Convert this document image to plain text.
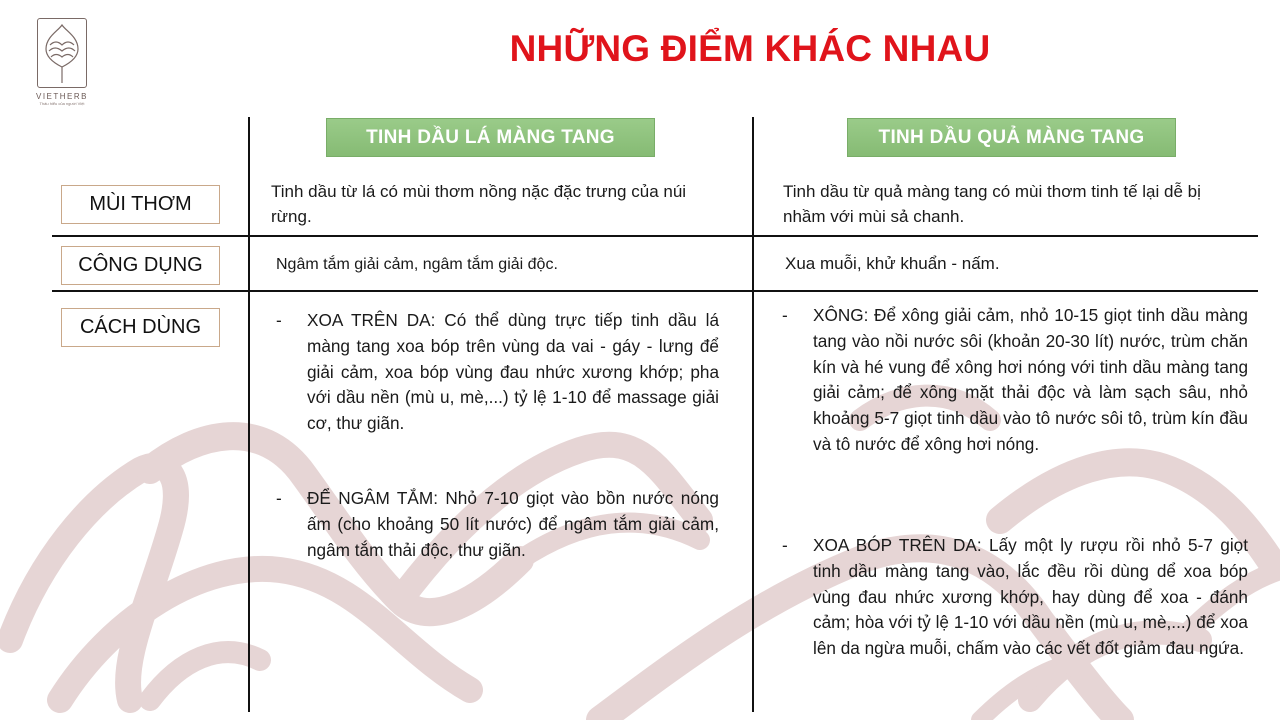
VIETHERB
Thấu hiểu của người Việt
NHỮNG ĐIỂM KHÁC NHAU
TINH DẦU LÁ MÀNG TANG	TINH DẦU QUẢ MÀNG TANG
MÙI THƠM
CÔNG DỤNG
CÁCH DÙNG
Tinh dầu từ lá có mùi thơm nồng nặc đặc trưng của núi rừng.
Tinh dầu từ quả màng tang có mùi thơm tinh tế lại dễ bị nhầm với mùi sả chanh.
Ngâm tắm giải cảm, ngâm tắm giải độc.	Xua muỗi, khử khuẩn - nấm.
- XOA TRÊN DA: Có thể dùng trực tiếp tinh dầu lá màng tang xoa bóp trên vùng da vai - gáy - lưng để giải cảm, xoa bóp vùng đau nhức xương khớp; pha với dầu nền (mù u, mè,...) tỷ lệ 1-10 để massage giải cơ, thư giãn.
- ĐỂ NGÂM TẮM: Nhỏ 7-10 giọt vào bồn nước nóng ấm (cho khoảng 50 lít nước) để ngâm tắm giải cảm, ngâm tắm thải độc, thư giãn.
- XÔNG: Để xông giải cảm, nhỏ 10-15 giọt tinh dầu màng tang vào nồi nước sôi (khoản 20-30 lít) nước, trùm chăn kín và hé vung để xông hơi nóng với tinh dầu màng tang giải cảm; để xông mặt thải độc và làm sạch sâu, nhỏ khoảng 5-7 giọt tinh dầu vào tô nước sôi tô, trùm kín đầu và tô nước để xông hơi nóng.
- XOA BÓP TRÊN DA: Lấy một ly rượu rồi nhỏ 5-7 giọt tinh dầu màng tang vào, lắc đều rồi dùng dể xoa bóp vùng đau nhức xương khớp, hay dùng để xoa - đánh cảm; hòa với tỷ lệ 1-10 với dầu nền (mù u, mè,...) để xoa lên da ngừa muỗi, chấm vào các vết đốt giảm đau ngứa.
